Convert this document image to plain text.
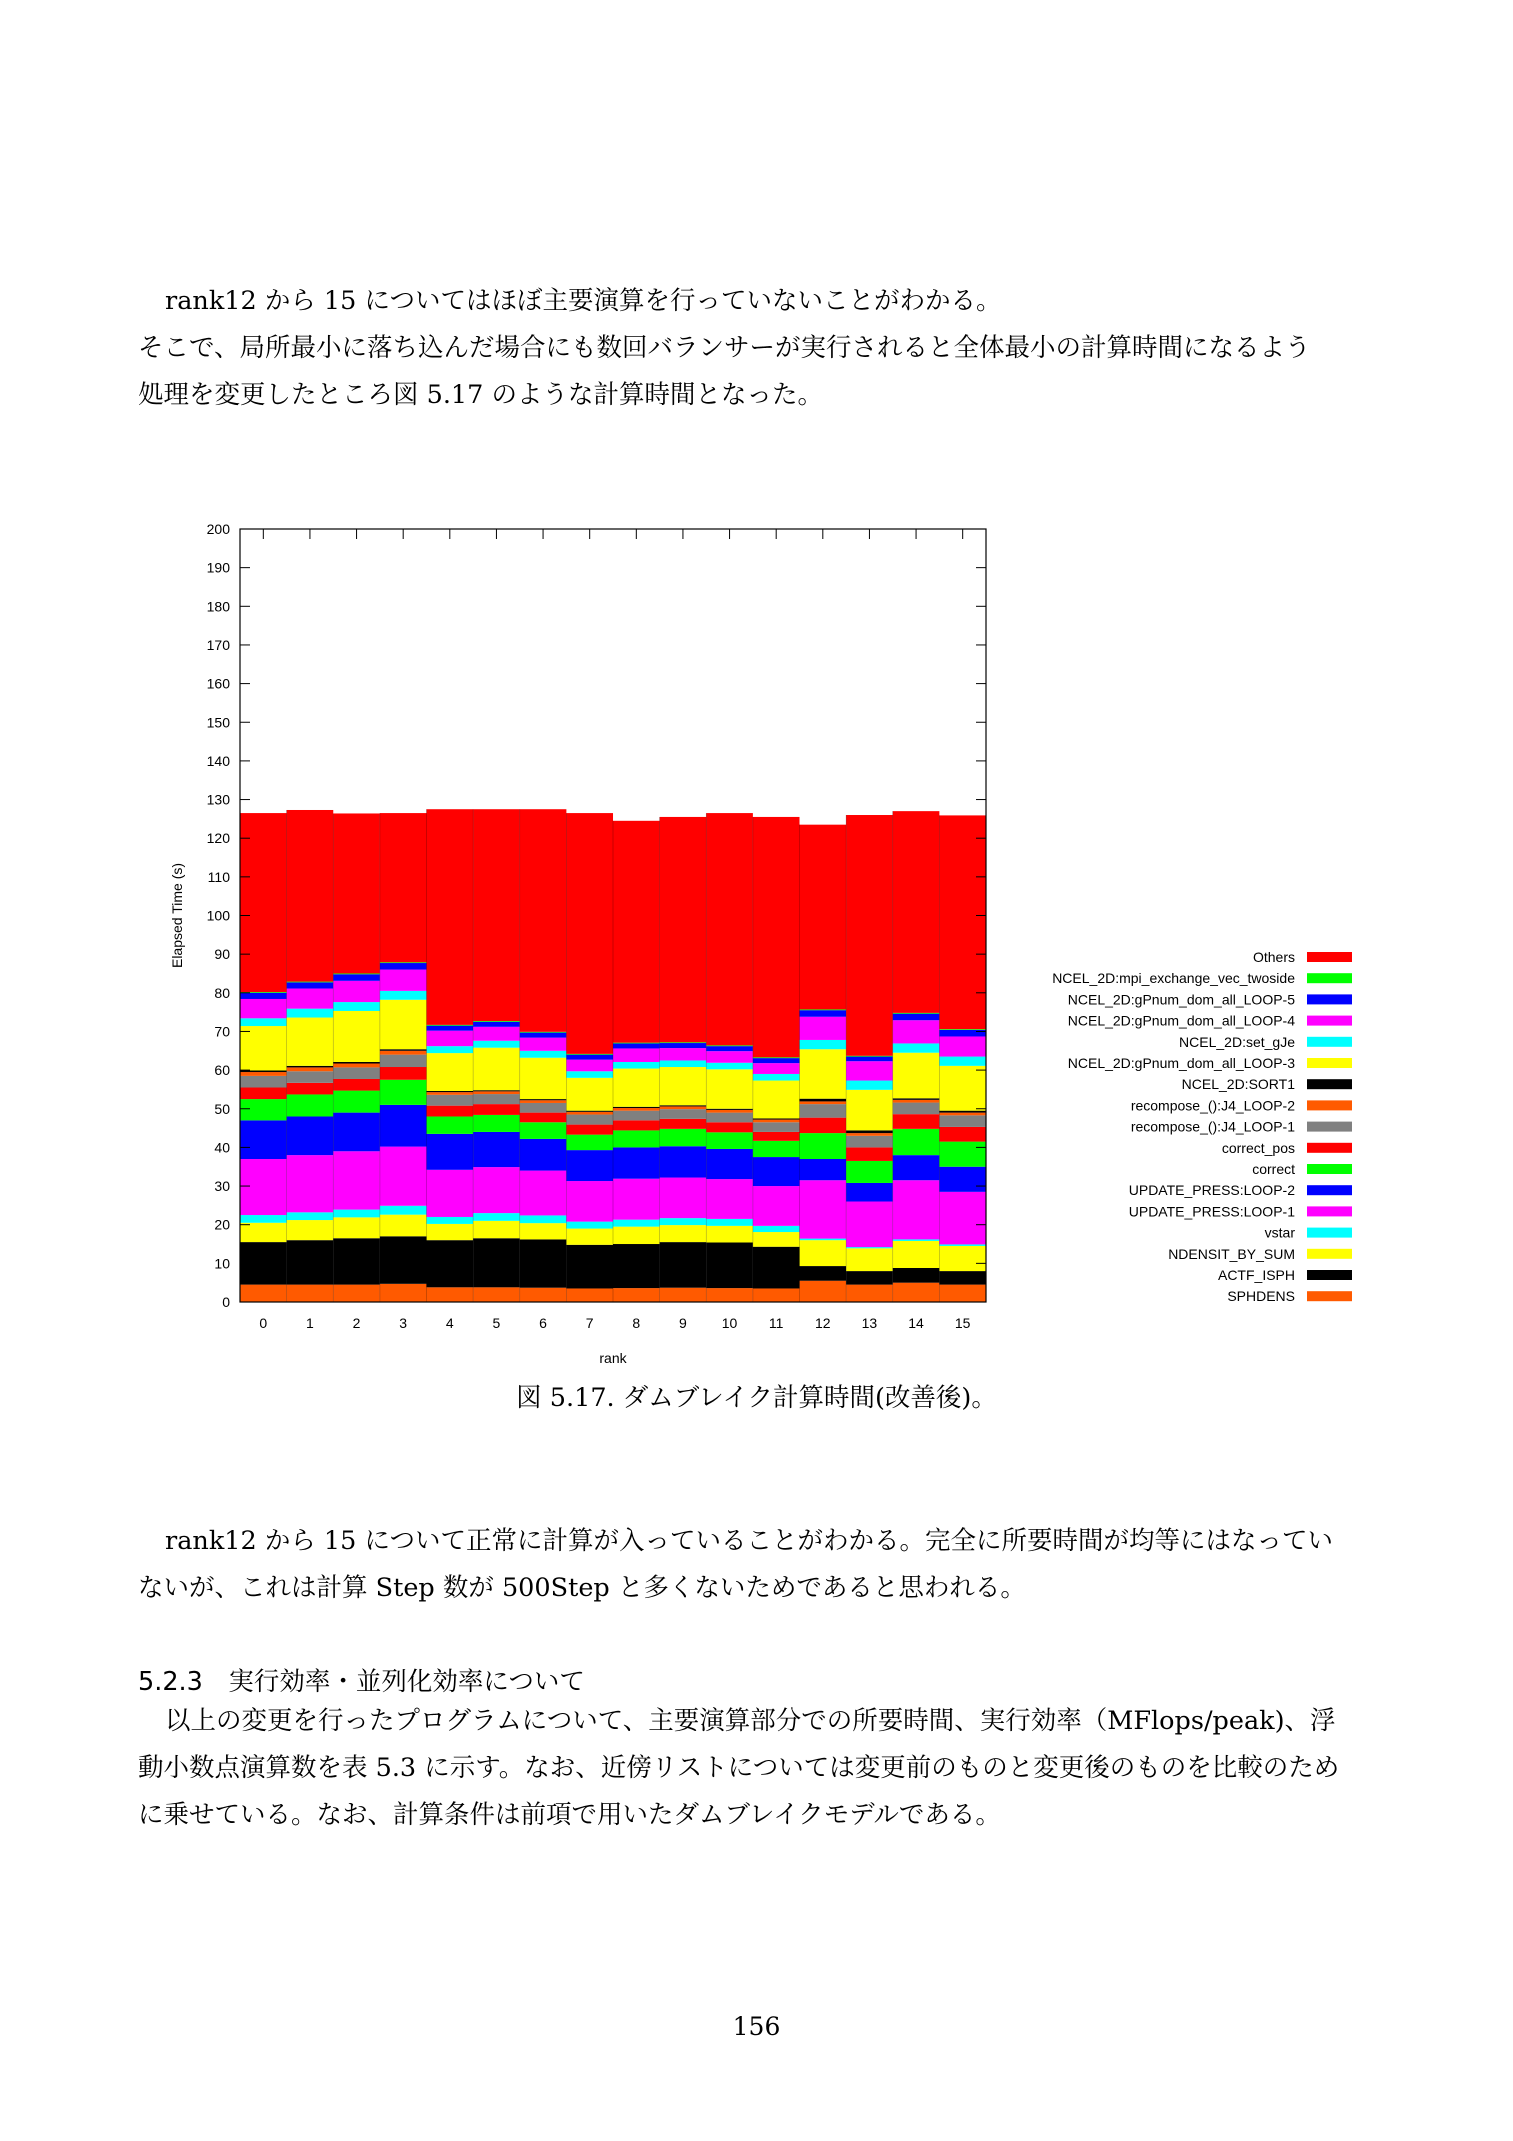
rank12 から 15 についてはほぼ主要演算を行っていないことがわかる。

そこで、局所最小に落ち込んだ場合にも数回バランサーが実行されると全体最小の計算時間になるよう

処理を変更したところ図 5.17 のような計算時間となった。

0
10
20
30
40
50
60
70
80
90
100
110
120
130
140
150
160
170
180
190
200
0	1	2	3	4	5	6	7	8	9 10 11 12 13 14 15
rank
Elapsed Time (s)	Others
NCEL_2D:mpi_exchange_vec_twoside
NCEL_2D:gPnum_dom_all_LOOP-5
NCEL_2D:gPnum_dom_all_LOOP-4
NCEL_2D:set_gJe
NCEL_2D:gPnum_dom_all_LOOP-3
NCEL_2D:SORT1
recompose_():J4_LOOP-2
recompose_():J4_LOOP-1
correct_pos
correct
UPDATE_PRESS:LOOP-2
UPDATE_PRESS:LOOP-1
vstar
NDENSIT_BY_SUM
ACTF_ISPH
SPHDENS
図 5.17. ダムブレイク計算時間(改善後)。

rank12 から 15 について正常に計算が入っていることがわかる。完全に所要時間が均等にはなってい

ないが、これは計算 Step 数が 500Step と多くないためであると思われる。

5.2.3　実行効率・並列化効率について

以上の変更を行ったプログラムについて、主要演算部分での所要時間、実行効率（MFlops/peak)、浮

動小数点演算数を表 5.3 に示す。なお、近傍リストについては変更前のものと変更後のものを比較のため

に乗せている。なお、計算条件は前項で用いたダムブレイクモデルである。

156
